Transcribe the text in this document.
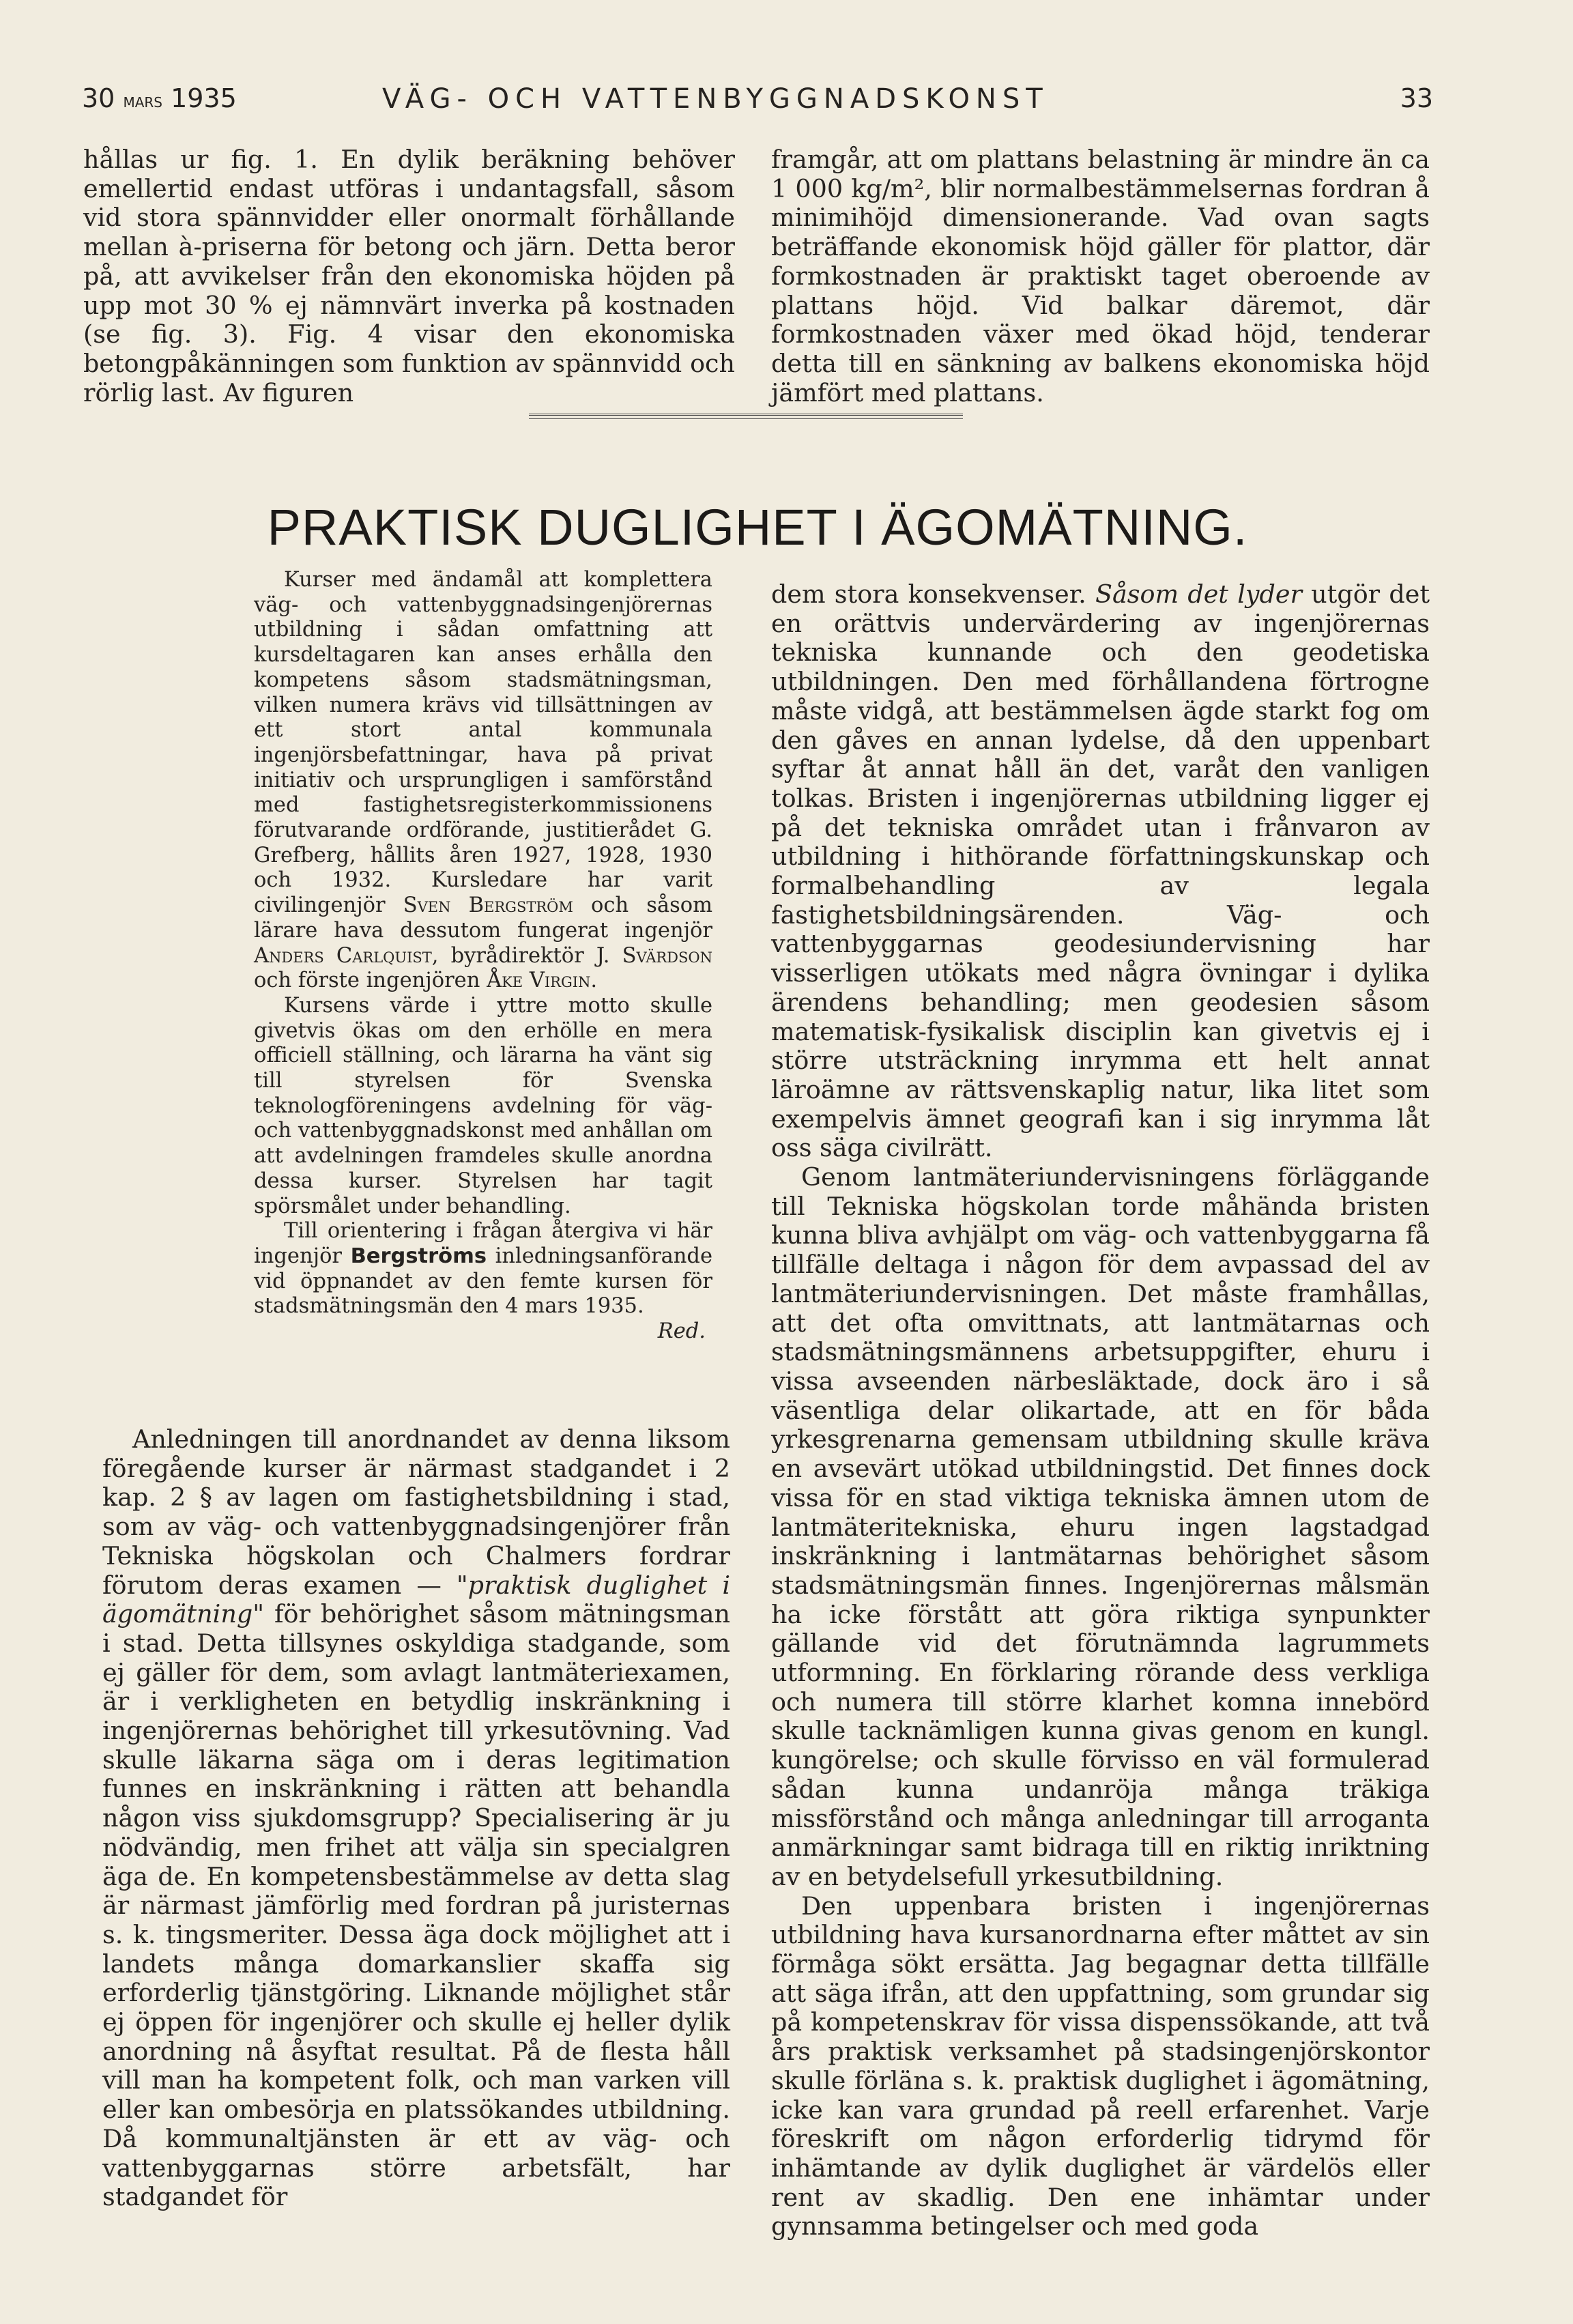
30 mars 1935	VÄG- OCH VATTENBYGGNADSKONST	33

hållas ur fig. 1. En dylik beräkning behöver emellertid endast utföras i undantagsfall, såsom vid stora spännvidder eller onormalt förhållande mellan à-priserna för betong och järn. Detta beror på, att avvikelser från den ekonomiska höjden på upp mot 30 % ej nämnvärt inverka på kostnaden (se fig. 3). Fig. 4 visar den ekonomiska betongpåkänningen som funktion av spännvidd och rörlig last. Av figuren

framgår, att om plattans belastning är mindre än ca 1 000 kg/m², blir normalbestämmelsernas fordran å minimihöjd dimensionerande. Vad ovan sagts beträffande ekonomisk höjd gäller för plattor, där formkostnaden är praktiskt taget oberoende av plattans höjd. Vid balkar däremot, där formkostnaden växer med ökad höjd, tenderar detta till en sänkning av balkens ekonomiska höjd jämfört med plattans.

PRAKTISK DUGLIGHET I ÄGOMÄTNING.

Kurser med ändamål att komplettera väg- och vattenbyggnadsingenjörernas utbildning i sådan omfattning att kursdeltagaren kan anses erhålla den kompetens såsom stadsmätningsman, vilken numera krävs vid tillsättningen av ett stort antal kommunala ingenjörsbefattningar, hava på privat initiativ och ursprungligen i samförstånd med fastighetsregisterkommissionens förutvarande ordförande, justitierådet G. Grefberg, hållits åren 1927, 1928, 1930 och 1932. Kursledare har varit civilingenjör Sven Bergström och såsom lärare hava dessutom fungerat ingenjör Anders Carlquist, byrådirektör J. Svärdson och förste ingenjören Åke Virgin.

Kursens värde i yttre motto skulle givetvis ökas om den erhölle en mera officiell ställning, och lärarna ha vänt sig till styrelsen för Svenska teknologföreningens avdelning för väg- och vattenbyggnadskonst med anhållan om att avdelningen framdeles skulle anordna dessa kurser. Styrelsen har tagit spörsmålet under behandling.

Till orientering i frågan återgiva vi här ingenjör Bergströms inledningsanförande vid öppnandet av den femte kursen för stadsmätningsmän den 4 mars 1935.

Red.

Anledningen till anordnandet av denna liksom föregående kurser är närmast stadgandet i 2 kap. 2 § av lagen om fastighetsbildning i stad, som av väg- och vattenbyggnadsingenjörer från Tekniska högskolan och Chalmers fordrar förutom deras examen — "praktisk duglighet i ägomätning" för behörighet såsom mätningsman i stad. Detta tillsynes oskyldiga stadgande, som ej gäller för dem, som avlagt lantmäteriexamen, är i verkligheten en betydlig inskränkning i ingenjörernas behörighet till yrkesutövning. Vad skulle läkarna säga om i deras legitimation funnes en inskränkning i rätten att behandla någon viss sjukdomsgrupp? Specialisering är ju nödvändig, men frihet att välja sin specialgren äga de. En kompetensbestämmelse av detta slag är närmast jämförlig med fordran på juristernas s. k. tingsmeriter. Dessa äga dock möjlighet att i landets många domarkanslier skaffa sig erforderlig tjänstgöring. Liknande möjlighet står ej öppen för ingenjörer och skulle ej heller dylik anordning nå åsyftat resultat. På de flesta håll vill man ha kompetent folk, och man varken vill eller kan ombesörja en platssökandes utbildning. Då kommunaltjänsten är ett av väg- och vattenbyggarnas större arbetsfält, har stadgandet för

dem stora konsekvenser. Såsom det lyder utgör det en orättvis undervärdering av ingenjörernas tekniska kunnande och den geodetiska utbildningen. Den med förhållandena förtrogne måste vidgå, att bestämmelsen ägde starkt fog om den gåves en annan lydelse, då den uppenbart syftar åt annat håll än det, varåt den vanligen tolkas. Bristen i ingenjörernas utbildning ligger ej på det tekniska området utan i frånvaron av utbildning i hithörande författningskunskap och formalbehandling av legala fastighetsbildningsärenden. Väg- och vattenbyggarnas geodesiundervisning har visserligen utökats med några övningar i dylika ärendens behandling; men geodesien såsom matematisk-fysikalisk disciplin kan givetvis ej i större utsträckning inrymma ett helt annat läroämne av rättsvenskaplig natur, lika litet som exempelvis ämnet geografi kan i sig inrymma låt oss säga civilrätt.

Genom lantmäteriundervisningens förläggande till Tekniska högskolan torde måhända bristen kunna bliva avhjälpt om väg- och vattenbyggarna få tillfälle deltaga i någon för dem avpassad del av lantmäteriundervisningen. Det måste framhållas, att det ofta omvittnats, att lantmätarnas och stadsmätningsmännens arbetsuppgifter, ehuru i vissa avseenden närbesläktade, dock äro i så väsentliga delar olikartade, att en för båda yrkesgrenarna gemensam utbildning skulle kräva en avsevärt utökad utbildningstid. Det finnes dock vissa för en stad viktiga tekniska ämnen utom de lantmäteritekniska, ehuru ingen lagstadgad inskränkning i lantmätarnas behörighet såsom stadsmätningsmän finnes. Ingenjörernas målsmän ha icke förstått att göra riktiga synpunkter gällande vid det förutnämnda lagrummets utformning. En förklaring rörande dess verkliga och numera till större klarhet komna innebörd skulle tacknämligen kunna givas genom en kungl. kungörelse; och skulle förvisso en väl formulerad sådan kunna undanröja många träkiga missförstånd och många anledningar till arroganta anmärkningar samt bidraga till en riktig inriktning av en betydelsefull yrkesutbildning.

Den uppenbara bristen i ingenjörernas utbildning hava kursanordnarna efter måttet av sin förmåga sökt ersätta. Jag begagnar detta tillfälle att säga ifrån, att den uppfattning, som grundar sig på kompetenskrav för vissa dispenssökande, att två års praktisk verksamhet på stadsingenjörskontor skulle förläna s. k. praktisk duglighet i ägomätning, icke kan vara grundad på reell erfarenhet. Varje föreskrift om någon erforderlig tidrymd för inhämtande av dylik duglighet är värdelös eller rent av skadlig. Den ene inhämtar under gynnsamma betingelser och med goda
